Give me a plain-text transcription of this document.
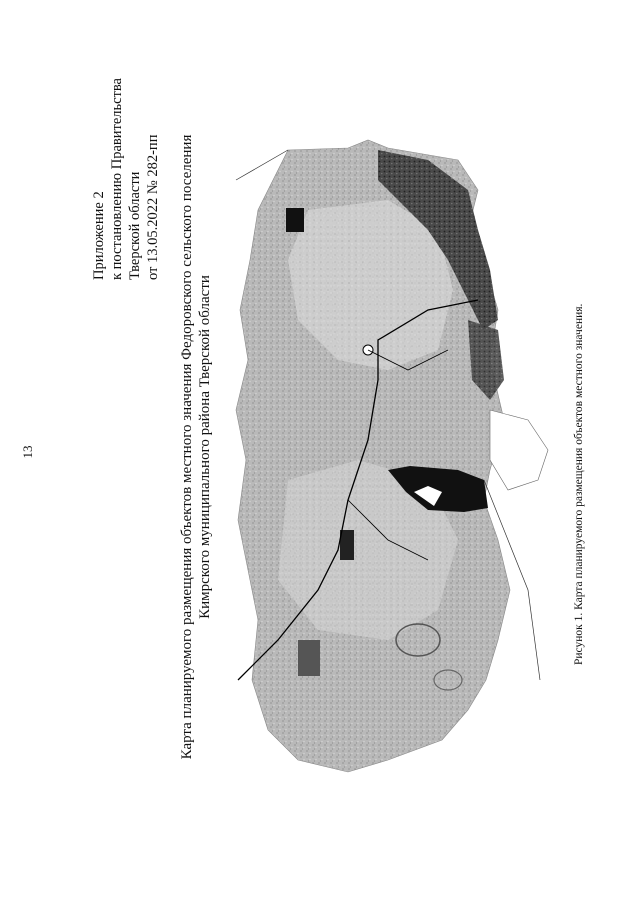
13
Приложение 2 к постановлению Правительства Тверской области от 13.05.2022 № 282-пп Карта планируемого размещения объектов местного значения Федоровского сельского поселения Кимрского муниципального района Тверской области	Рисунок 1. Карта планируемого размещения объектов местного значения.
